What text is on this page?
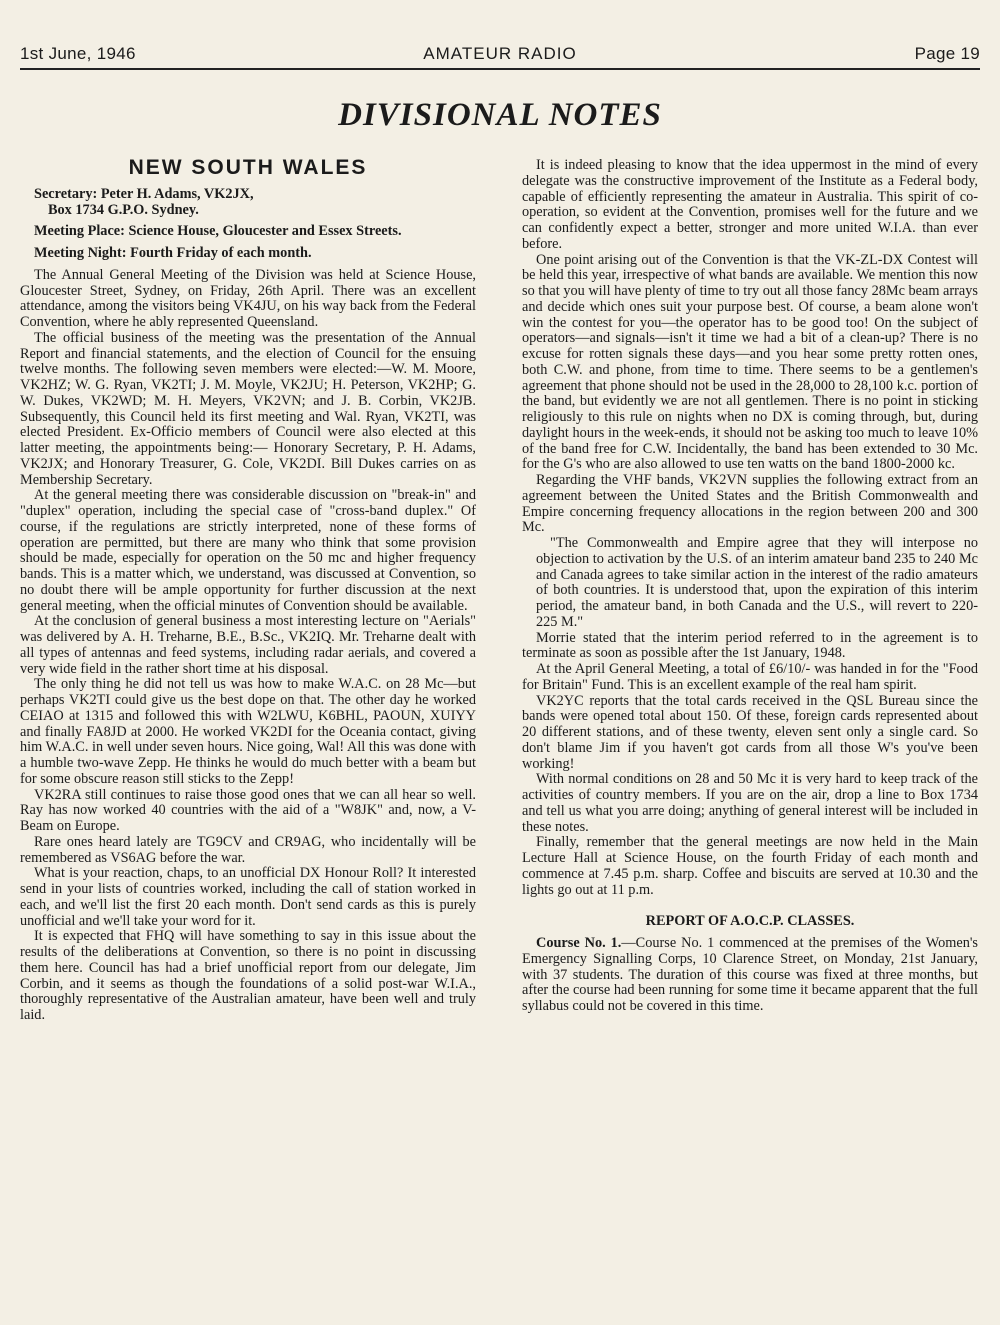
1st June, 1946	AMATEUR RADIO	Page 19
DIVISIONAL NOTES
NEW SOUTH WALES
Secretary: Peter H. Adams, VK2JX,
Box 1734 G.P.O. Sydney.
Meeting Place: Science House, Gloucester and Essex Streets.
Meeting Night: Fourth Friday of each month.

The Annual General Meeting of the Division was held at Science House, Gloucester Street, Sydney, on Friday, 26th April. There was an excellent attendance, among the visitors being VK4JU, on his way back from the Federal Convention, where he ably represented Queensland.

The official business of the meeting was the presentation of the Annual Report and financial statements, and the election of Council for the ensuing twelve months. The following seven members were elected:—W. M. Moore, VK2HZ; W. G. Ryan, VK2TI; J. M. Moyle, VK2JU; H. Peterson, VK2HP; G. W. Dukes, VK2WD; M. H. Meyers, VK2VN; and J. B. Corbin, VK2JB. Subsequently, this Council held its first meeting and Wal. Ryan, VK2TI, was elected President. Ex-Officio members of Council were also elected at this latter meeting, the appointments being:— Honorary Secretary, P. H. Adams, VK2JX; and Honorary Treasurer, G. Cole, VK2DI. Bill Dukes carries on as Membership Secretary.

At the general meeting there was considerable discussion on "break-in" and "duplex" operation, including the special case of "cross-band duplex." Of course, if the regulations are strictly interpreted, none of these forms of operation are permitted, but there are many who think that some provision should be made, especially for operation on the 50 mc and higher frequency bands. This is a matter which, we understand, was discussed at Convention, so no doubt there will be ample opportunity for further discussion at the next general meeting, when the official minutes of Convention should be available.

At the conclusion of general business a most interesting lecture on "Aerials" was delivered by A. H. Treharne, B.E., B.Sc., VK2IQ. Mr. Treharne dealt with all types of antennas and feed systems, including radar aerials, and covered a very wide field in the rather short time at his disposal.

The only thing he did not tell us was how to make W.A.C. on 28 Mc—but perhaps VK2TI could give us the best dope on that. The other day he worked CEIAO at 1315 and followed this with W2LWU, K6BHL, PAOUN, XUIYY and finally FA8JD at 2000. He worked VK2DI for the Oceania contact, giving him W.A.C. in well under seven hours. Nice going, Wal! All this was done with a humble two-wave Zepp. He thinks he would do much better with a beam but for some obscure reason still sticks to the Zepp!

VK2RA still continues to raise those good ones that we can all hear so well. Ray has now worked 40 countries with the aid of a "W8JK" and, now, a V-Beam on Europe.

Rare ones heard lately are TG9CV and CR9AG, who incidentally will be remembered as VS6AG before the war.

What is your reaction, chaps, to an unofficial DX Honour Roll? It interested send in your lists of countries worked, including the call of station worked in each, and we'll list the first 20 each month. Don't send cards as this is purely unofficial and we'll take your word for it.

It is expected that FHQ will have something to say in this issue about the results of the deliberations at Convention, so there is no point in discussing them here. Council has had a brief unofficial report from our delegate, Jim Corbin, and it seems as though the foundations of a solid post-war W.I.A., thoroughly representative of the Australian amateur, have been well and truly laid.

It is indeed pleasing to know that the idea uppermost in the mind of every delegate was the constructive improvement of the Institute as a Federal body, capable of efficiently representing the amateur in Australia. This spirit of co-operation, so evident at the Convention, promises well for the future and we can confidently expect a better, stronger and more united W.I.A. than ever before.

One point arising out of the Convention is that the VK-ZL-DX Contest will be held this year, irrespective of what bands are available. We mention this now so that you will have plenty of time to try out all those fancy 28Mc beam arrays and decide which ones suit your purpose best. Of course, a beam alone won't win the contest for you—the operator has to be good too! On the subject of operators—and signals—isn't it time we had a bit of a clean-up? There is no excuse for rotten signals these days—and you hear some pretty rotten ones, both C.W. and phone, from time to time. There seems to be a gentlemen's agreement that phone should not be used in the 28,000 to 28,100 k.c. portion of the band, but evidently we are not all gentlemen. There is no point in sticking religiously to this rule on nights when no DX is coming through, but, during daylight hours in the week-ends, it should not be asking too much to leave 10% of the band free for C.W. Incidentally, the band has been extended to 30 Mc. for the G's who are also allowed to use ten watts on the band 1800-2000 kc.

Regarding the VHF bands, VK2VN supplies the following extract from an agreement between the United States and the British Commonwealth and Empire concerning frequency allocations in the region between 200 and 300 Mc.

"The Commonwealth and Empire agree that they will interpose no objection to activation by the U.S. of an interim amateur band 235 to 240 Mc and Canada agrees to take similar action in the interest of the radio amateurs of both countries. It is understood that, upon the expiration of this interim period, the amateur band, in both Canada and the U.S., will revert to 220-225 M."

Morrie stated that the interim period referred to in the agreement is to terminate as soon as possible after the 1st January, 1948.

At the April General Meeting, a total of £6/10/- was handed in for the "Food for Britain" Fund. This is an excellent example of the real ham spirit.

VK2YC reports that the total cards received in the QSL Bureau since the bands were opened total about 150. Of these, foreign cards represented about 20 different stations, and of these twenty, eleven sent only a single card. So don't blame Jim if you haven't got cards from all those W's you've been working!

With normal conditions on 28 and 50 Mc it is very hard to keep track of the activities of country members. If you are on the air, drop a line to Box 1734 and tell us what you arre doing; anything of general interest will be included in these notes.

Finally, remember that the general meetings are now held in the Main Lecture Hall at Science House, on the fourth Friday of each month and commence at 7.45 p.m. sharp. Coffee and biscuits are served at 10.30 and the lights go out at 11 p.m.

REPORT OF A.O.C.P. CLASSES.

Course No. 1.—Course No. 1 commenced at the premises of the Women's Emergency Signalling Corps, 10 Clarence Street, on Monday, 21st January, with 37 students. The duration of this course was fixed at three months, but after the course had been running for some time it became apparent that the full syllabus could not be covered in this time.
